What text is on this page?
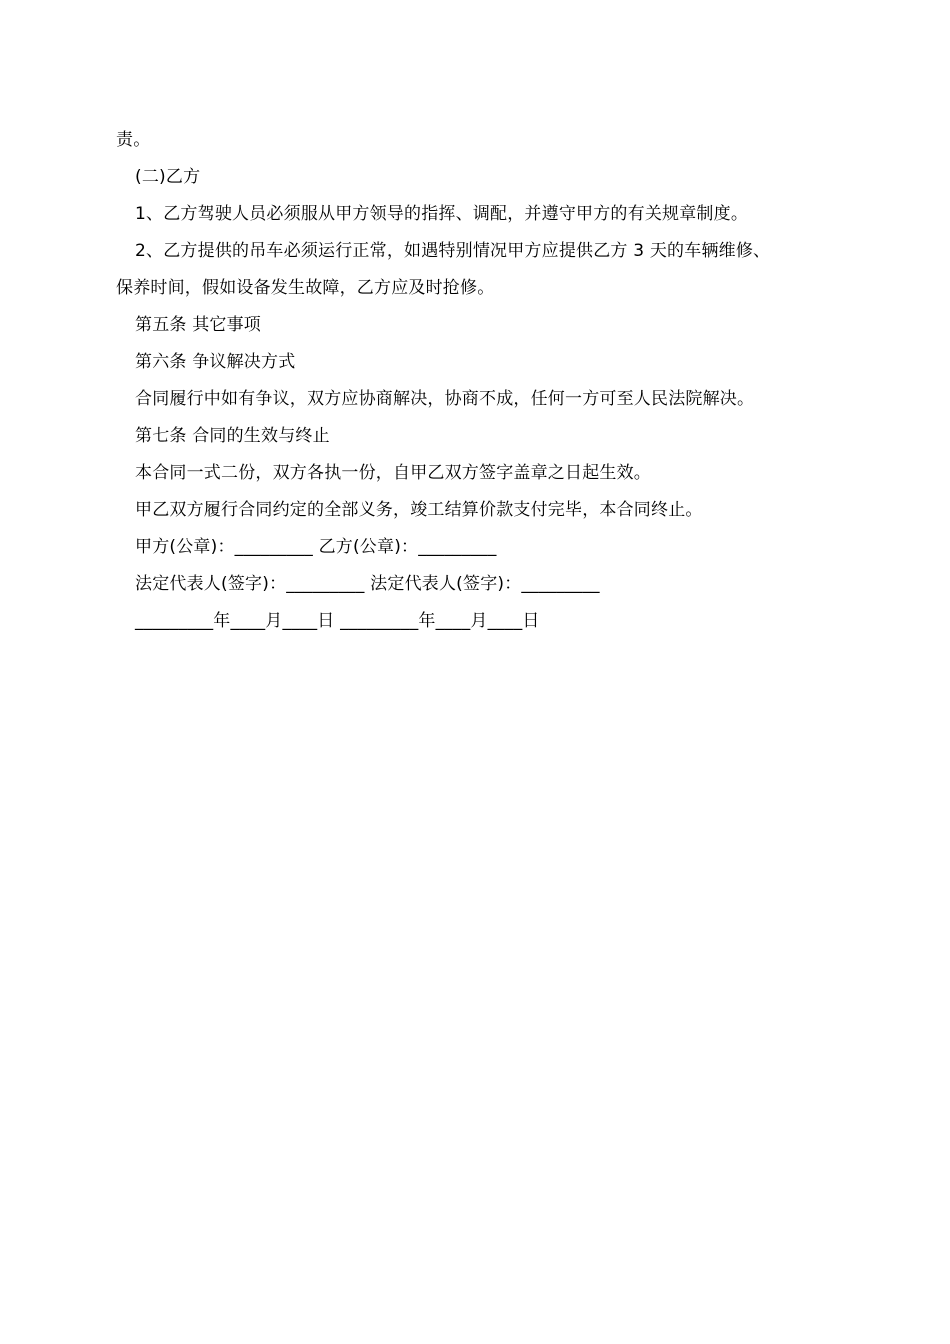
责。

(二)乙方

1、乙方驾驶人员必须服从甲方领导的指挥、调配，并遵守甲方的有关规章制度。

2、乙方提供的吊车必须运行正常，如遇特别情况甲方应提供乙方 3 天的车辆维修、

保养时间，假如设备发生故障，乙方应及时抢修。

第五条 其它事项

第六条 争议解决方式

合同履行中如有争议，双方应协商解决，协商不成，任何一方可至人民法院解决。

第七条 合同的生效与终止

本合同一式二份，双方各执一份，自甲乙双方签字盖章之日起生效。

甲乙双方履行合同约定的全部义务，竣工结算价款支付完毕，本合同终止。

甲方(公章)：_________ 乙方(公章)：_________

法定代表人(签字)：_________ 法定代表人(签字)：_________

_________年____月____日 _________年____月____日
